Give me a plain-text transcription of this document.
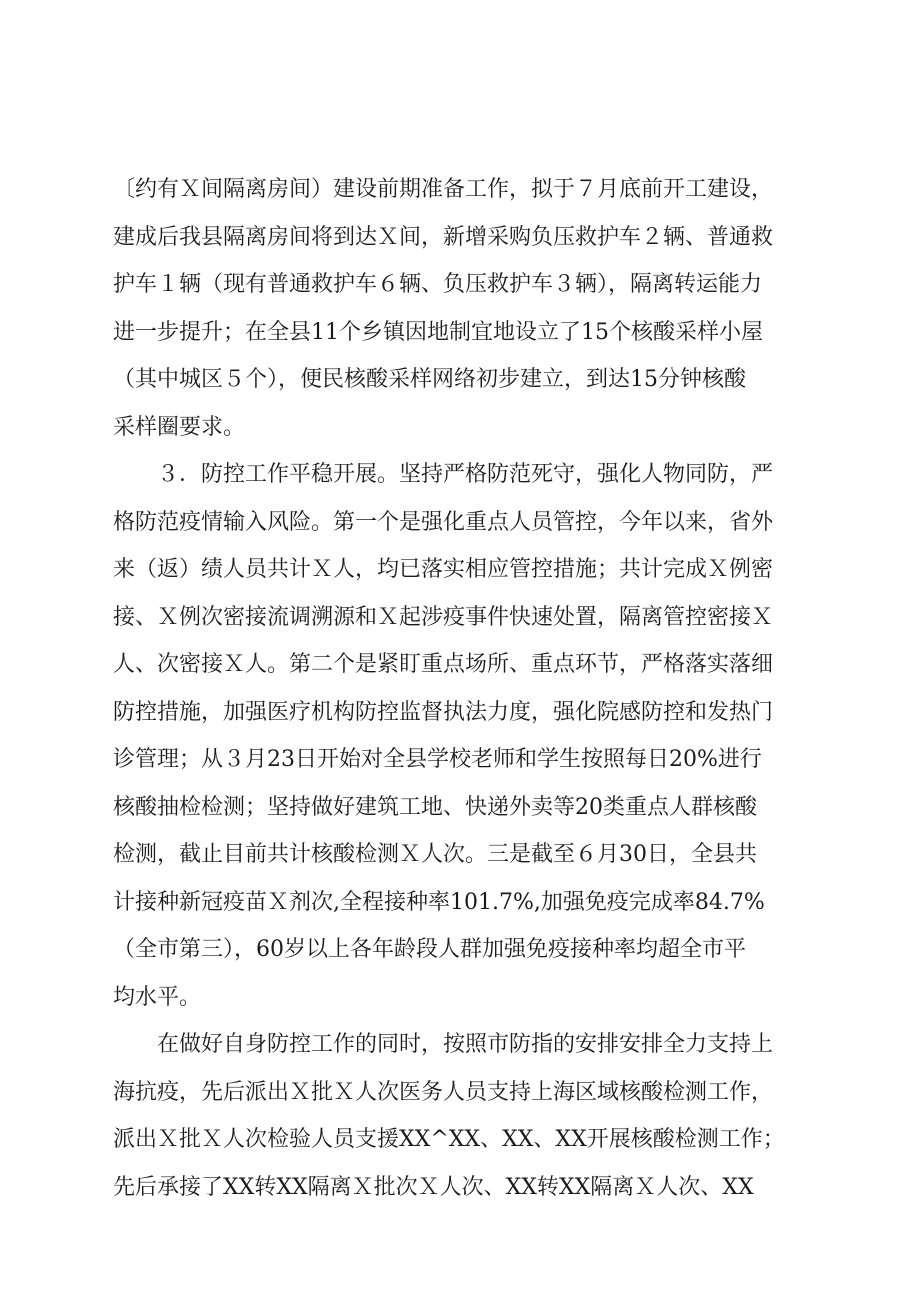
〔约有Ｘ间隔离房间）建设前期准备工作，拟于７月底前开工建设，
建成后我县隔离房间将到达Ｘ间，新增采购负压救护车２辆、普通救
护车１辆（现有普通救护车６辆、负压救护车３辆），隔离转运能力
进一步提升；在全县11个乡镇因地制宜地设立了15个核酸采样小屋
（其中城区５个），便民核酸采样网络初步建立，到达15分钟核酸
采样圈要求。
　　３．防控工作平稳开展。坚持严格防范死守，强化人物同防，严
格防范疫情输入风险。第一个是强化重点人员管控，今年以来，省外
来（返）绩人员共计Ｘ人，均已落实相应管控措施；共计完成Ｘ例密
接、Ｘ例次密接流调溯源和Ｘ起涉疫事件快速处置，隔离管控密接Ｘ
人、次密接Ｘ人。第二个是紧盯重点场所、重点环节，严格落实落细
防控措施，加强医疗机构防控监督执法力度，强化院感防控和发热门
诊管理；从３月23日开始对全县学校老师和学生按照每日20%进行
核酸抽检检测；坚持做好建筑工地、快递外卖等20类重点人群核酸
检测，截止目前共计核酸检测Ｘ人次。三是截至６月30日，全县共
计接种新冠疫苗Ｘ剂次,全程接种率101.7%,加强免疫完成率84.7%
（全市第三），60岁以上各年龄段人群加强免疫接种率均超全市平
均水平。
　　在做好自身防控工作的同时，按照市防指的安排安排全力支持上
海抗疫，先后派出Ｘ批Ｘ人次医务人员支持上海区域核酸检测工作，
派出Ｘ批Ｘ人次检验人员支援XX^XX、XX、XX开展核酸检测工作；
先后承接了XX转XX隔离Ｘ批次Ｘ人次、XX转XX隔离Ｘ人次、XX
